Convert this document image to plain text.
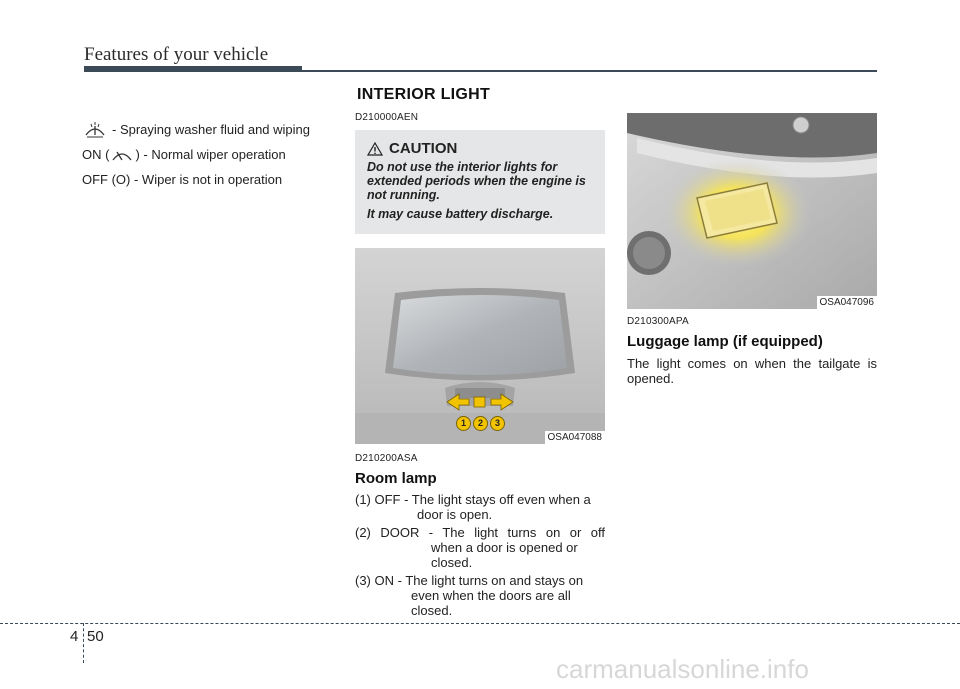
Features of your vehicle
INTERIOR LIGHT
- Spraying washer fluid and wiping
ON ( ) - Normal wiper operation
OFF (O) - Wiper is not in operation
D210000AEN
CAUTION

Do not use the interior lights for extended periods when the engine is not running.

It may cause battery discharge.

1	2	3
OSA047088
D210200ASA
Room lamp
(1) OFF - The light stays off even when a
door is open.
(2) DOOR - The light turns on or off
when a door is opened or closed.
(3) ON - The light turns on and stays on
even when the doors are all closed.
OSA047096
D210300APA
Luggage lamp (if equipped)
The light comes on when the tailgate is opened.
4 50
carmanualsonline.info
